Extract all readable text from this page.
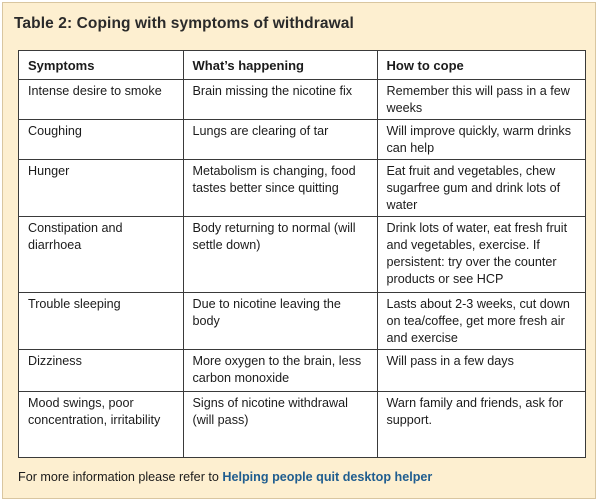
Table 2: Coping with symptoms of withdrawal
Symptoms	What’s happening	How to cope
Intense desire to smoke	Brain missing the nicotine fix	Remember this will pass in a few weeks
Coughing	Lungs are clearing of tar	Will improve quickly, warm drinks can help
Hunger	Metabolism is changing, food tastes better since quitting	Eat fruit and vegetables, chew sugarfree gum and drink lots of water
Constipation and diarrhoea	Body returning to normal (will settle down)	Drink lots of water, eat fresh fruit and vegetables, exercise. If persistent: try over the counter products or see HCP
Trouble sleeping	Due to nicotine leaving the body	Lasts about 2-3 weeks, cut down on tea/coffee, get more fresh air and exercise
Dizziness	More oxygen to the brain, less carbon monoxide	Will pass in a few days
Mood swings, poor concentration, irritability	Signs of nicotine withdrawal (will pass)	Warn family and friends, ask for support.
For more information please refer to Helping people quit desktop helper
